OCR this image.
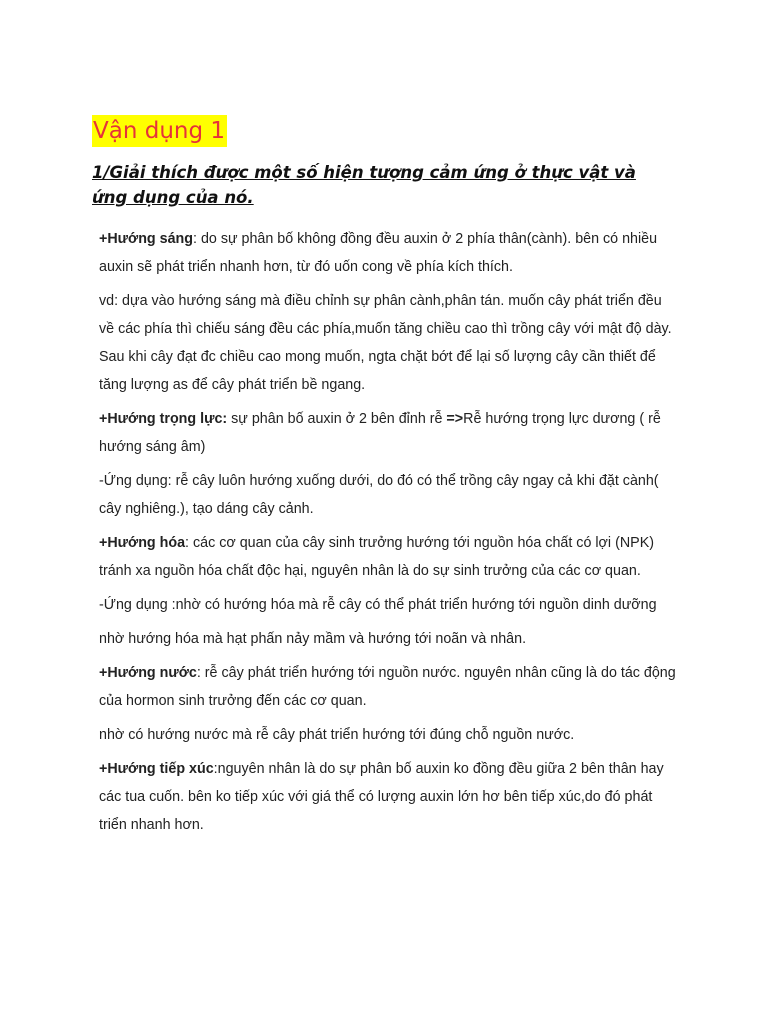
Vận dụng 1
1/Giải thích được một số hiện tượng cảm ứng ở thực vật và ứng dụng của nó.

+Hướng sáng: do sự phân bố không đồng đều auxin ở 2 phía thân(cành). bên có nhiều auxin sẽ phát triển nhanh hơn, từ đó uốn cong về phía kích thích.

vd: dựa vào hướng sáng mà điều chỉnh sự phân cành,phân tán. muốn cây phát triển đều về các phía thì chiếu sáng đều các phía,muốn tăng chiều cao thì trồng cây với mật độ dày. Sau khi cây đạt đc chiều cao mong muốn, ngta chặt bớt để lại số lượng cây cần thiết để tăng lượng as để cây phát triển bề ngang.

+Hướng trọng lực: sự phân bố auxin ở 2 bên đỉnh rễ =>Rễ hướng trọng lực dương ( rễ hướng sáng âm)

-Ứng dụng: rễ cây luôn hướng xuống dưới, do đó có thể trồng cây ngay cả khi đặt cành( cây nghiêng.), tạo dáng cây cảnh.

+Hướng hóa: các cơ quan của cây sinh trưởng hướng tới nguồn hóa chất có lợi (NPK) tránh xa nguồn hóa chất độc hại, nguyên nhân là do sự sinh trưởng của các cơ quan.

-Ứng dụng :nhờ có hướng hóa mà rễ cây có thể phát triển hướng tới nguồn dinh dưỡng

nhờ hướng hóa mà hạt phấn nảy mầm và hướng tới noãn và nhân.

+Hướng nước: rễ cây phát triển hướng tới nguồn nước. nguyên nhân cũng là do tác động của hormon sinh trưởng đến các cơ quan.

nhờ có hướng nước mà rễ cây phát triển hướng tới đúng chỗ nguồn nước.

+Hướng tiếp xúc:nguyên nhân là do sự phân bố auxin ko đồng đều giữa 2 bên thân hay các tua cuốn. bên ko tiếp xúc với giá thể có lượng auxin lớn hơ bên tiếp xúc,do đó phát triển nhanh hơn.
